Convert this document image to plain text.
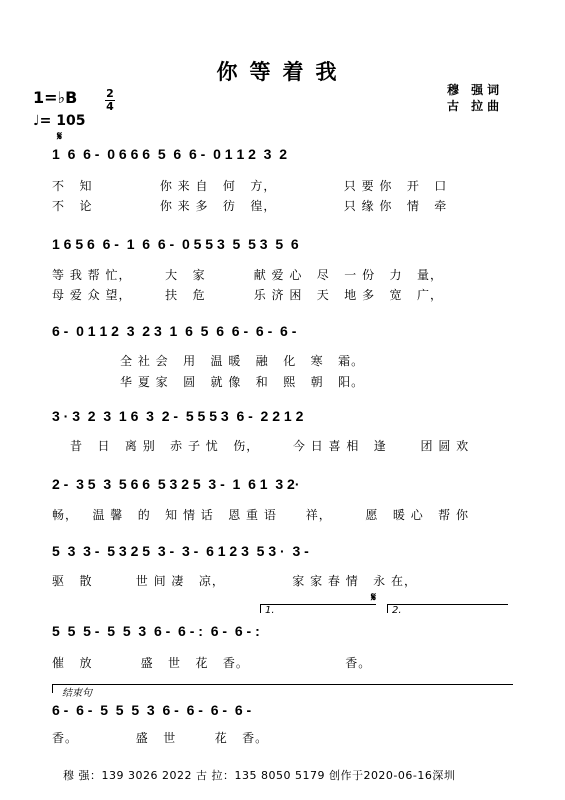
你等着我
穆 强词
古 拉曲
1=♭B	2
4
♩= 105
𝄋
𝄋
1  6  6 -  0 6 6 6  5  6  6 -  0 1 1 2  3  2
不   知              你 来 自   何   方，              只 要 你   开   口
不   论              你 来 多   彷   徨，              只 缘 你   情   牵
1 6 5 6  6 -  1  6  6 -  0 5 5 3  5  5 3  5  6
等 我 帮 忙，       大   家          献 爱 心   尽   一 份   力   量，
母 爱 众 望，       扶   危          乐 济 困   天   地 多   宽   广，
6 -  0 1 1 2  3  2 3  1  6  5  6  6 -  6 -  6 -
全 社 会   用   温 暖   融   化   寒   霜。
华 夏 家   圆   就 像   和   熙   朝   阳。
3 · 3  2  3  1 6  3  2 -  5 5 5 3  6 -  2 2 1 2
昔   日   离 别   赤 子 忧   伤，       今 日 喜 相   逢       团 圆 欢
2 -  3 5  3  5 6 6  5 3 2 5  3 -  1  6 1  3 2·
畅，   温 馨   的   知 情 话   恩 重 语      祥，       愿   暖 心   帮 你
5  3  3 -  5 3 2 5  3 -  3 -  6 1 2 3  5 3 ·  3 -
驱   散         世 间 凄   凉，              家 家 春 情   永 在，
1.	2.
5  5  5 -  5  5  3  6 -  6 - :  6 -  6 - :
催   放          盛   世   花   香。                    香。
结束句
6 -  6 -  5  5  5  3  6 -  6 -  6 -  6 -
香。            盛   世        花   香。
穆 强：139 3026 2022 古 拉：135 8050 5179 创作于2020-06-16深圳
